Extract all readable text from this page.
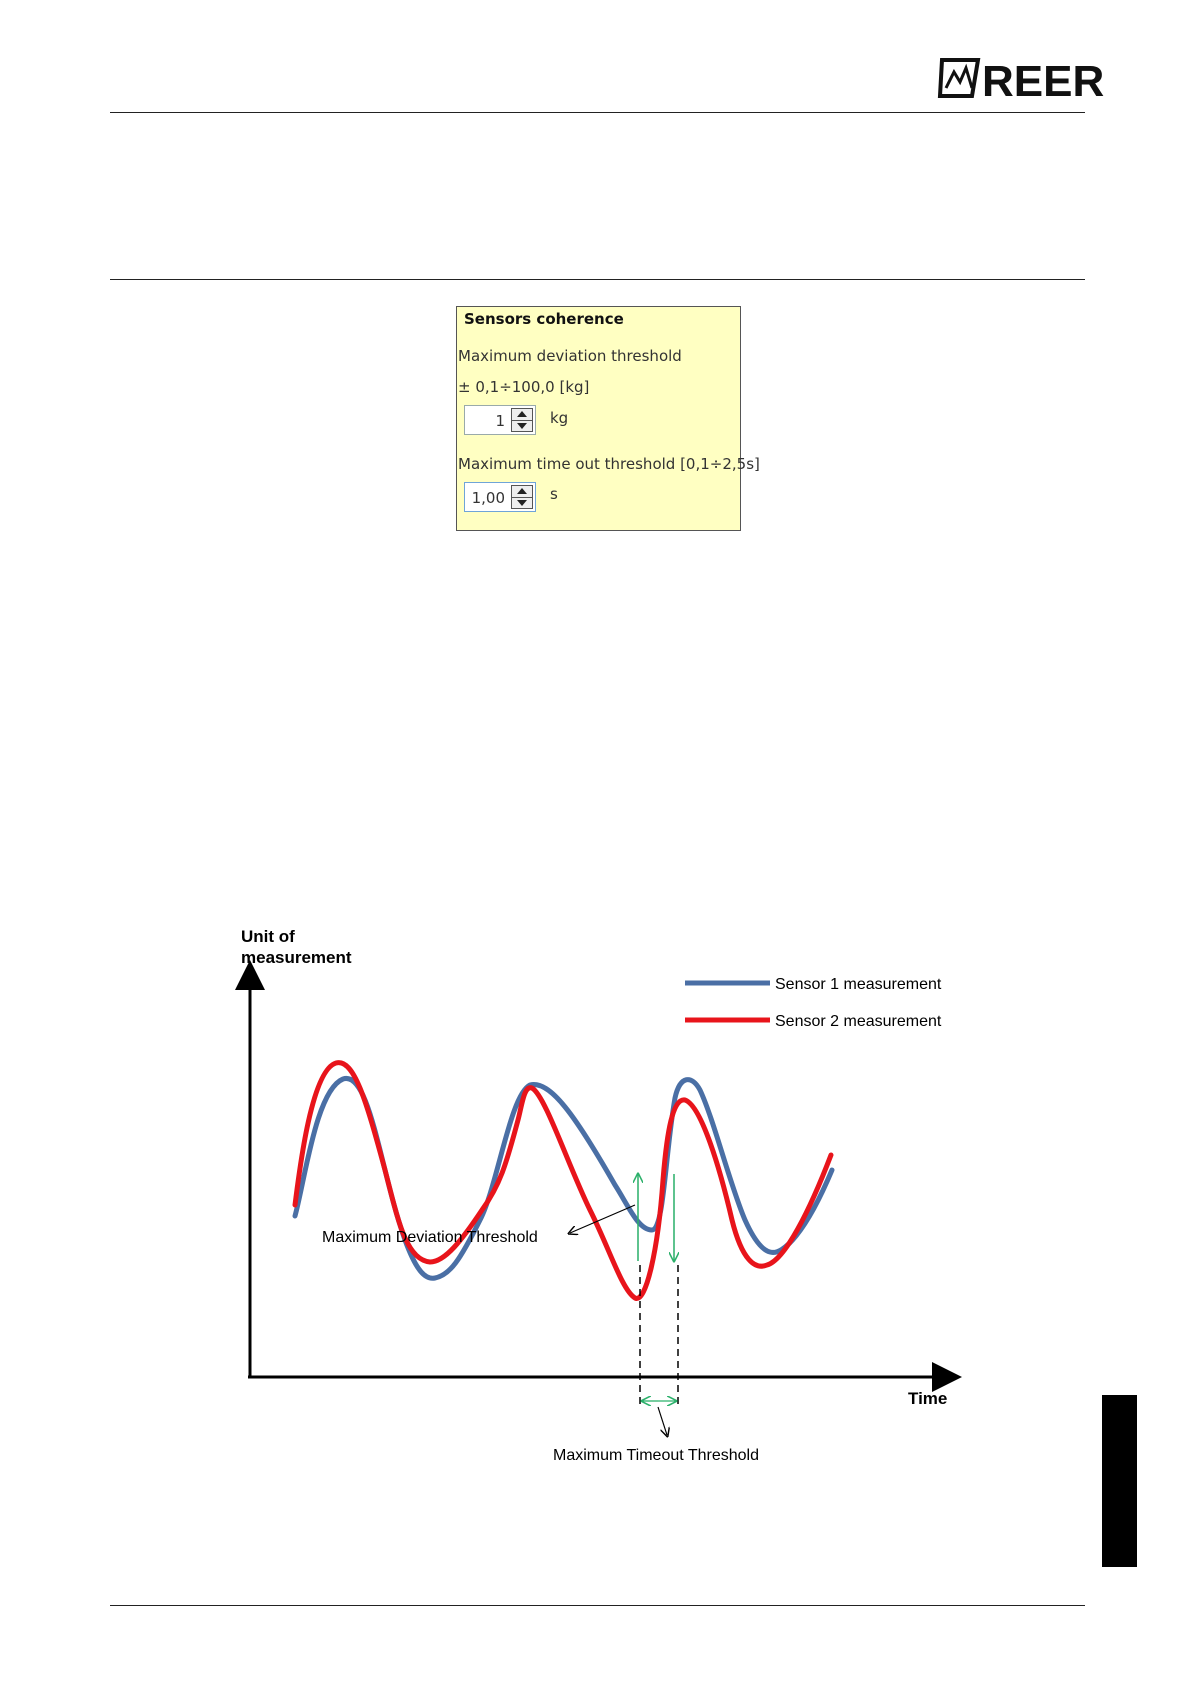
REER
Sensors coherence
Maximum deviation threshold
± 0,1÷100,0 [kg]
1	kg
Maximum time out threshold [0,1÷2,5s]
1,00	s
Unit of
measurement
Time
Sensor 1 measurement
Sensor 2 measurement
Maximum Deviation Threshold
Maximum Timeout Threshold
